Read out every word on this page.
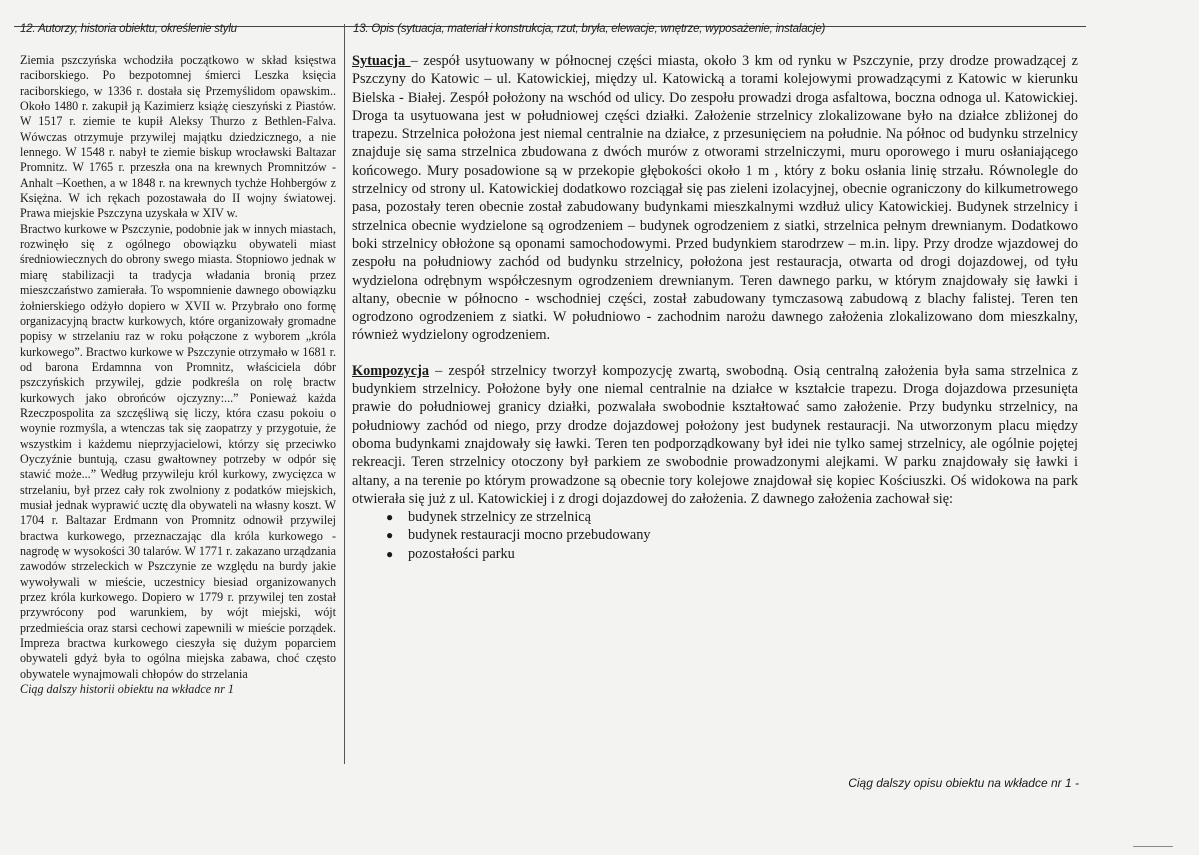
12. Autorzy, historia obiektu, określenie stylu	13. Opis (sytuacja, materiał i konstrukcja, rzut, bryła, elewacje, wnętrze, wyposażenie, instalacje)

Ziemia pszczyńska wchodziła początkowo w skład księstwa raciborskiego. Po bezpotomnej śmierci Leszka księcia raciborskiego, w 1336 r. dostała się Przemyślidom opawskim.. Około 1480 r. zakupił ją Kazimierz książę cieszyński z Piastów. W 1517 r. ziemie te kupił Aleksy Thurzo z Bethlen-Falva. Wówczas otrzymuje przywilej majątku dziedzicznego, a nie lennego. W 1548 r. nabył te ziemie biskup wrocławski Baltazar Promnitz. W 1765 r. przeszła ona na krewnych Promnitzów - Anhalt –Koethen, a w 1848 r. na krewnych tychże Hohbergów z Księżna. W ich rękach pozostawała do II wojny światowej. Prawa miejskie Pszczyna uzyskała w XIV w.

Bractwo kurkowe w Pszczynie, podobnie jak w innych miastach, rozwinęło się z ogólnego obowiązku obywateli miast średniowiecznych do obrony swego miasta. Stopniowo jednak w miarę stabilizacji ta tradycja władania bronią przez mieszczaństwo zamierała. To wspomnienie dawnego obowiązku żołnierskiego odżyło dopiero w XVII w. Przybrało ono formę organizacyjną bractw kurkowych, które organizowały gromadne popisy w strzelaniu raz w roku połączone z wyborem „króla kurkowego”. Bractwo kurkowe w Pszczynie otrzymało w 1681 r. od barona Erdamnna von Promnitz, właściciela dóbr pszczyńskich przywilej, gdzie podkreśla on rolę bractw kurkowych jako obrońców ojczyzny:...” Ponieważ każda Rzeczpospolita za szczęśliwą się liczy, która czasu pokoiu o woynie rozmyśla, a wtenczas tak się zaopatrzy y przygotuie, że wszystkim i każdemu nieprzyjacielowi, którzy się przeciwko Oyczyźnie buntują, czasu gwałtowney potrzeby w odpór się stawić może...” Według przywileju król kurkowy, zwycięzca w strzelaniu, był przez cały rok zwolniony z podatków miejskich, musiał jednak wyprawić ucztę dla obywateli na własny koszt. W 1704 r. Baltazar Erdmann von Promnitz odnowił przywilej bractwa kurkowego, przeznaczając dla króla kurkowego - nagrodę w wysokości 30 talarów. W 1771 r. zakazano urządzania zawodów strzeleckich w Pszczynie ze względu na burdy jakie wywoływali w mieście, uczestnicy biesiad organizowanych przez króla kurkowego. Dopiero w 1779 r. przywilej ten został przywrócony pod warunkiem, by wójt miejski, wójt przedmieścia oraz starsi cechowi zapewnili w mieście porządek. Impreza bractwa kurkowego cieszyła się dużym poparciem obywateli gdyż była to ogólna miejska zabawa, choć często obywatele wynajmowali chłopów do strzelania

Ciąg dalszy historii obiektu na wkładce nr 1

Sytuacja – zespół usytuowany w północnej części miasta, około 3 km od rynku w Pszczynie, przy drodze prowadzącej z Pszczyny do Katowic – ul. Katowickiej, między ul. Katowicką a torami kolejowymi prowadzącymi z Katowic w kierunku Bielska - Białej. Zespół położony na wschód od ulicy. Do zespołu prowadzi droga asfaltowa, boczna odnoga ul. Katowickiej. Droga ta usytuowana jest w południowej części działki. Założenie strzelnicy zlokalizowane było na działce zbliżonej do trapezu. Strzelnica położona jest niemal centralnie na działce, z przesunięciem na południe. Na północ od budynku strzelnicy znajduje się sama strzelnica zbudowana z dwóch murów z otworami strzelniczymi, muru oporowego i muru osłaniającego końcowego. Mury posadowione są w przekopie głębokości około 1 m , który z boku osłania linię strzału. Równolegle do strzelnicy od strony ul. Katowickiej dodatkowo rozciągał się pas zieleni izolacyjnej, obecnie ograniczony do kilkumetrowego pasa, pozostały teren obecnie został zabudowany budynkami mieszkalnymi wzdłuż ulicy Katowickiej. Budynek strzelnicy i strzelnica obecnie wydzielone są ogrodzeniem – budynek ogrodzeniem z siatki, strzelnica pełnym drewnianym. Dodatkowo boki strzelnicy obłożone są oponami samochodowymi. Przed budynkiem starodrzew – m.in. lipy. Przy drodze wjazdowej do zespołu na południowy zachód od budynku strzelnicy, położona jest restauracja, otwarta od drogi dojazdowej, od tyłu wydzielona odrębnym współczesnym ogrodzeniem drewnianym. Teren dawnego parku, w którym znajdowały się ławki i altany, obecnie w północno - wschodniej części, został zabudowany tymczasową zabudową z blachy falistej. Teren ten ogrodzono ogrodzeniem z siatki. W południowo - zachodnim narożu dawnego założenia zlokalizowano dom mieszkalny, również wydzielony ogrodzeniem.

Kompozycja – zespół strzelnicy tworzył kompozycję zwartą, swobodną. Osią centralną założenia była sama strzelnica z budynkiem strzelnicy. Położone były one niemal centralnie na działce w kształcie trapezu. Droga dojazdowa przesunięta prawie do południowej granicy działki, pozwalała swobodnie kształtować samo założenie. Przy budynku strzelnicy, na południowy zachód od niego, przy drodze dojazdowej położony jest budynek restauracji. Na utworzonym placu między oboma budynkami znajdowały się ławki. Teren ten podporządkowany był idei nie tylko samej strzelnicy, ale ogólnie pojętej rekreacji. Teren strzelnicy otoczony był parkiem ze swobodnie prowadzonymi alejkami. W parku znajdowały się ławki i altany, a na terenie po którym prowadzone są obecnie tory kolejowe znajdował się kopiec Kościuszki. Oś widokowa na park otwierała się już z ul. Katowickiej i z drogi dojazdowej do założenia. Z dawnego założenia zachował się:

● budynek strzelnicy ze strzelnicą
● budynek restauracji mocno przebudowany
● pozostałości parku
Ciąg dalszy opisu obiektu na wkładce nr 1 -
